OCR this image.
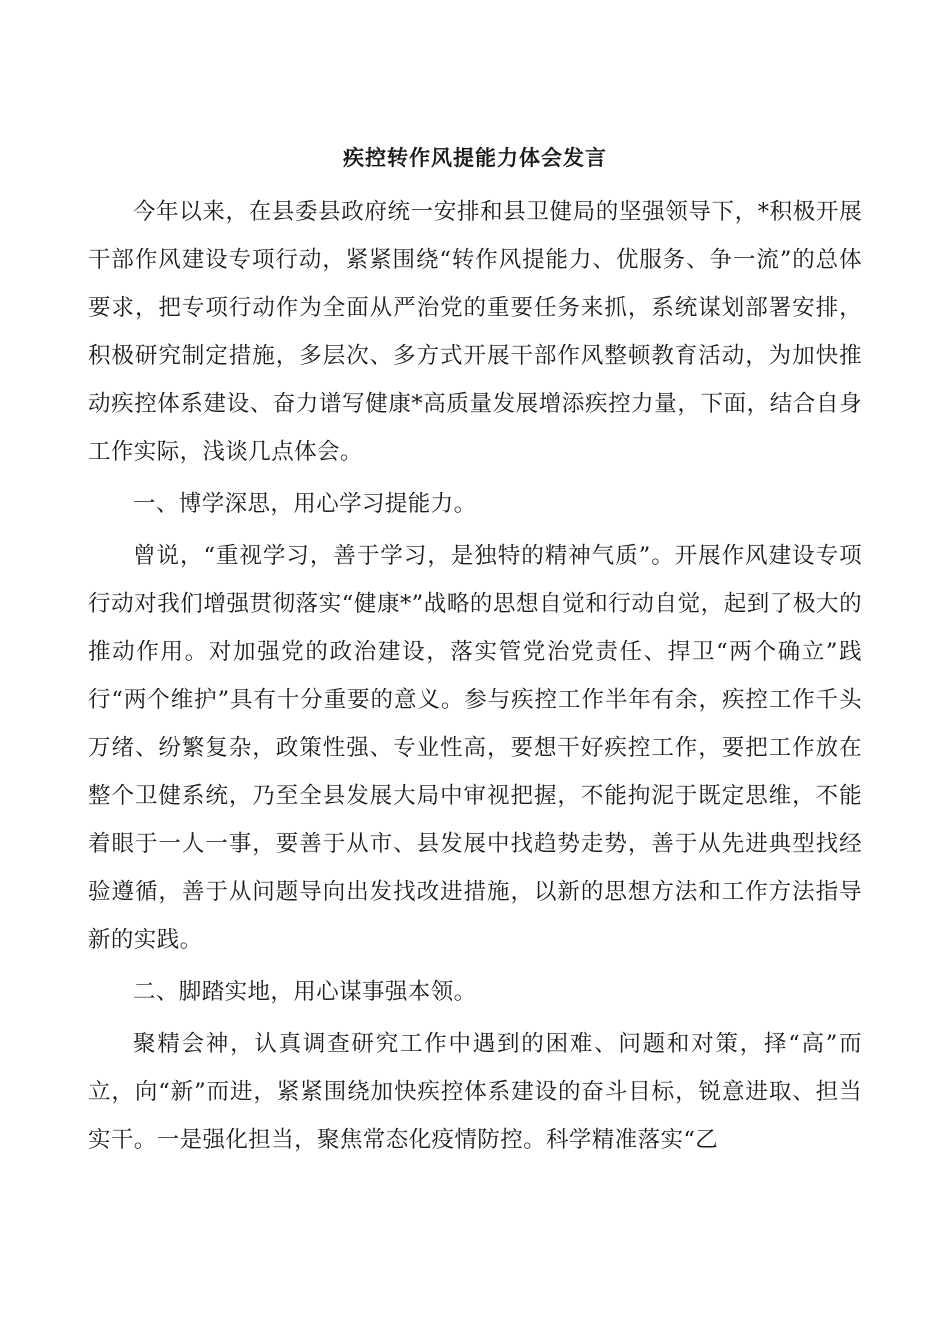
疾控转作风提能力体会发言

今年以来，在县委县政府统一安排和县卫健局的坚强领导下，*积极开展干部作风建设专项行动，紧紧围绕“转作风提能力、优服务、争一流”的总体要求，把专项行动作为全面从严治党的重要任务来抓，系统谋划部署安排，积极研究制定措施，多层次、多方式开展干部作风整顿教育活动，为加快推动疾控体系建设、奋力谱写健康*高质量发展增添疾控力量，下面，结合自身工作实际，浅谈几点体会。

一、博学深思，用心学习提能力。

曾说，“重视学习，善于学习，是独特的精神气质”。开展作风建设专项行动对我们增强贯彻落实“健康*”战略的思想自觉和行动自觉，起到了极大的推动作用。对加强党的政治建设，落实管党治党责任、捍卫“两个确立”践行“两个维护”具有十分重要的意义。参与疾控工作半年有余，疾控工作千头万绪、纷繁复杂，政策性强、专业性高，要想干好疾控工作，要把工作放在整个卫健系统，乃至全县发展大局中审视把握，不能拘泥于既定思维，不能着眼于一人一事，要善于从市、县发展中找趋势走势，善于从先进典型找经验遵循，善于从问题导向出发找改进措施，以新的思想方法和工作方法指导新的实践。

二、脚踏实地，用心谋事强本领。

聚精会神，认真调查研究工作中遇到的困难、问题和对策，择“高”而立，向“新”而进，紧紧围绕加快疾控体系建设的奋斗目标，锐意进取、担当实干。一是强化担当，聚焦常态化疫情防控。科学精准落实“乙
